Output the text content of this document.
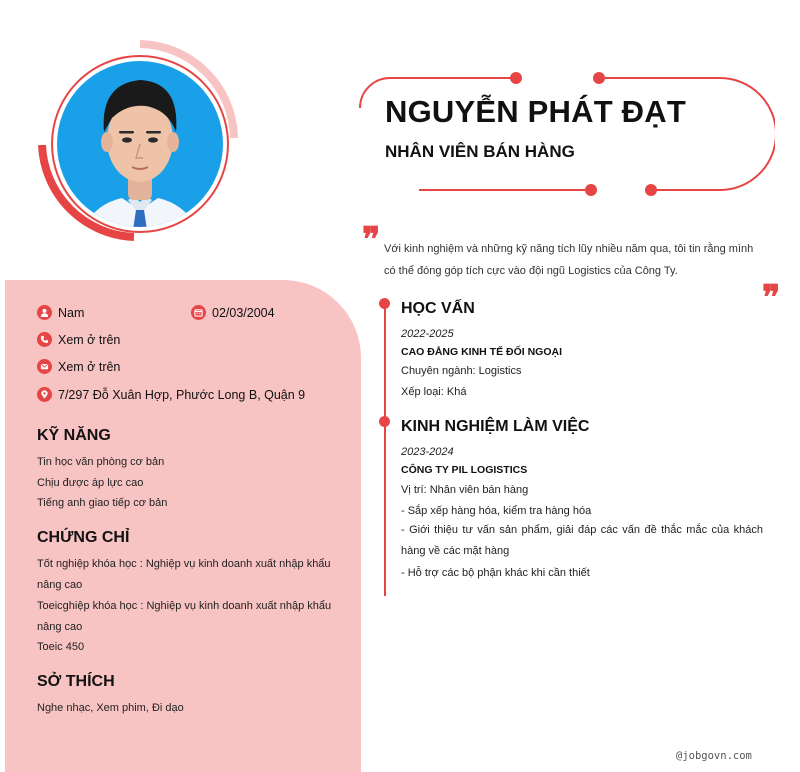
NGUYỄN PHÁT ĐẠT
NHÂN VIÊN BÁN HÀNG
❞ Với kinh nghiệm và những kỹ năng tích lũy nhiều năm qua, tôi tin rằng mình có thể đóng góp tích cực vào đội ngũ Logistics của Công Ty.
❞
Nam	02/03/2004
Xem ở trên
Xem ở trên
7/297 Đỗ Xuân Hợp, Phước Long B, Quận 9
KỸ NĂNG
Tin học văn phòng cơ bản
Chịu được áp lực cao
Tiếng anh giao tiếp cơ bản
CHỨNG CHỈ
Tốt nghiệp khóa học : Nghiệp vụ kinh doanh xuất nhập khẩu
nâng cao
Toeicghiệp khóa học : Nghiệp vụ kinh doanh xuất nhập khẩu
nâng cao
Toeic 450
SỞ THÍCH
Nghe nhạc, Xem phim, Đi dạo
HỌC VẤN
2022-2025
CAO ĐẲNG KINH TẾ ĐỐI NGOẠI
Chuyên ngành: Logistics
Xếp loại: Khá
KINH NGHIỆM LÀM VIỆC
2023-2024
CÔNG TY PIL LOGISTICS
Vị trí: Nhân viên bán hàng
- Sắp xếp hàng hóa, kiểm tra hàng hóa
- Giới thiệu tư vấn sản phẩm, giải đáp các vấn đề thắc mắc của khách hàng về các mặt hàng
- Hỗ trợ các bộ phận khác khi cần thiết
@jobgovn.com
